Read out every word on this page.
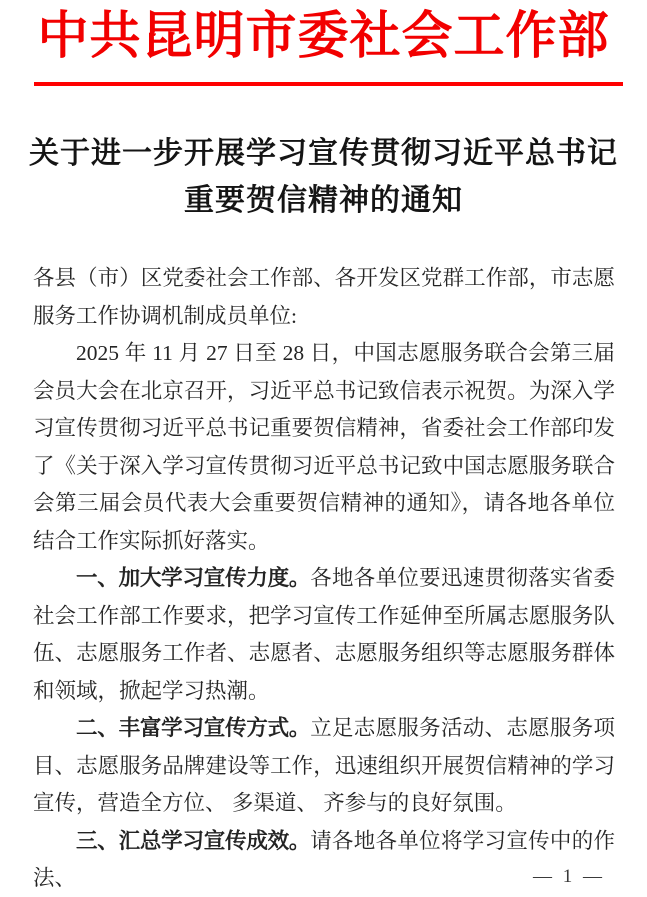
中共昆明市委社会工作部
关于进一步开展学习宣传贯彻习近平总书记
重要贺信精神的通知

各县（市）区党委社会工作部、各开发区党群工作部，市志愿服务工作协调机制成员单位:

2025 年 11 月 27 日至 28 日，中国志愿服务联合会第三届会员大会在北京召开，习近平总书记致信表示祝贺。为深入学习宣传贯彻习近平总书记重要贺信精神，省委社会工作部印发了《关于深入学习宣传贯彻习近平总书记致中国志愿服务联合会第三届会员代表大会重要贺信精神的通知》，请各地各单位结合工作实际抓好落实。

一、加大学习宣传力度。各地各单位要迅速贯彻落实省委社会工作部工作要求，把学习宣传工作延伸至所属志愿服务队伍、志愿服务工作者、志愿者、志愿服务组织等志愿服务群体和领域，掀起学习热潮。

二、丰富学习宣传方式。立足志愿服务活动、志愿服务项目、志愿服务品牌建设等工作，迅速组织开展贺信精神的学习宣传，营造全方位、 多渠道、 齐参与的良好氛围。

三、汇总学习宣传成效。请各地各单位将学习宣传中的作法、	— 1 —
